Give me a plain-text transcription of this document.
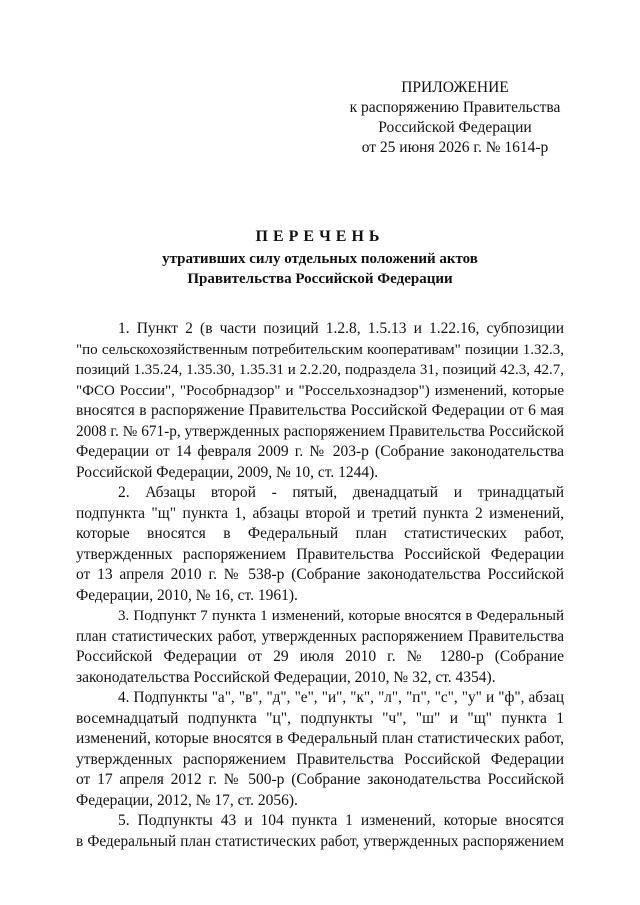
ПРИЛОЖЕНИЕ
к распоряжению Правительства
Российской Федерации
от 25 июня 2026 г. № 1614-р
ПЕРЕЧЕНЬ
утративших силу отдельных положений актов
Правительства Российской Федерации
1. Пункт 2 (в части позиций 1.2.8, 1.5.13 и 1.22.16, субпозиции
"по сельскохозяйственным потребительским кооперативам" позиции 1.32.3,
позиций 1.35.24, 1.35.30, 1.35.31 и 2.2.20, подраздела 31, позиций 42.3, 42.7,
"ФСО России", "Рособрнадзор" и "Россельхознадзор") изменений, которые
вносятся в распоряжение Правительства Российской Федерации от 6 мая
2008 г. № 671-р, утвержденных распоряжением Правительства Российской
Федерации от 14 февраля 2009 г. № 203-р (Собрание законодательства
Российской Федерации, 2009, № 10, ст. 1244).
2. Абзацы второй - пятый, двенадцатый и тринадцатый
подпункта "щ" пункта 1, абзацы второй и третий пункта 2 изменений,
которые вносятся в Федеральный план статистических работ,
утвержденных распоряжением Правительства Российской Федерации
от 13 апреля 2010 г. № 538-р (Собрание законодательства Российской
Федерации, 2010, № 16, ст. 1961).
3. Подпункт 7 пункта 1 изменений, которые вносятся в Федеральный
план статистических работ, утвержденных распоряжением Правительства
Российской Федерации от 29 июля 2010 г. № 1280-р (Собрание
законодательства Российской Федерации, 2010, № 32, ст. 4354).
4. Подпункты "а", "в", "д", "е", "и", "к", "л", "п", "с", "у" и "ф", абзац
восемнадцатый подпункта "ц", подпункты "ч", "ш" и "щ" пункта 1
изменений, которые вносятся в Федеральный план статистических работ,
утвержденных распоряжением Правительства Российской Федерации
от 17 апреля 2012 г. № 500-р (Собрание законодательства Российской
Федерации, 2012, № 17, ст. 2056).
5. Подпункты 43 и 104 пункта 1 изменений, которые вносятся
в Федеральный план статистических работ, утвержденных распоряжением
